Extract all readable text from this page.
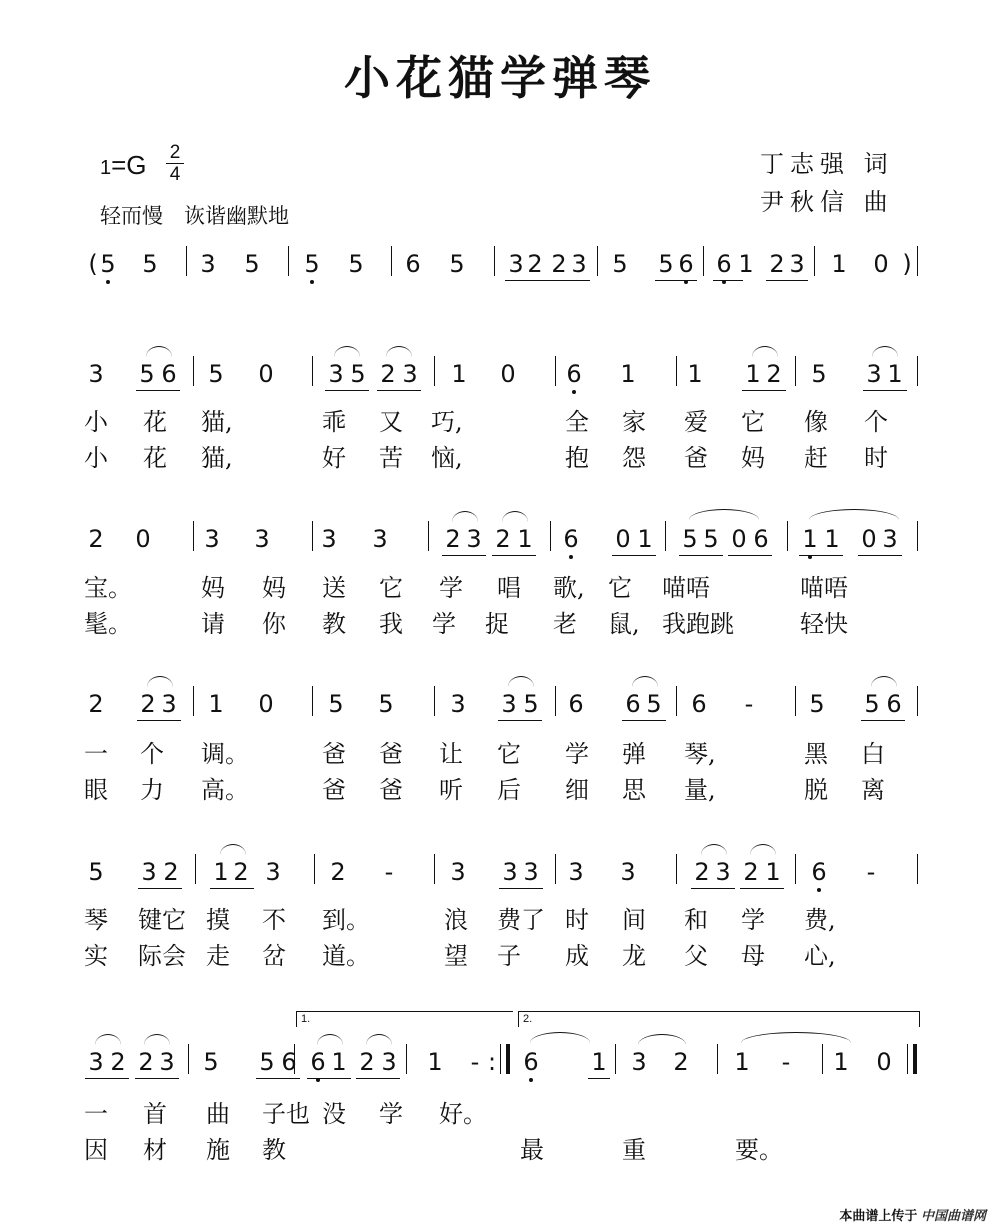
小花猫学弹琴
1=G 2
4
轻而慢　诙谐幽默地
丁志强 词
尹秋信 曲
( 5 5 3 5 5 5 6 5 3 2 2 3 5 5 6 6 1 2 3 1 0 )
3 5 6 5 0 3 5 2 3 1 0 6 1 1 1 2 5 3 1
小 花 猫,	乖 又 巧,	全 家 爱 它 像 个
小 花 猫,	好 苦 恼,	抱 怨 爸 妈 赶 时
2 0 3 3 3 3 2 3 2 1 6 0 1 5 5 0 6 1 1 0 3
宝。	妈 妈 送 它 学 唱 歌, 它 喵唔	喵唔
髦。	请 你 教 我 学 捉 老 鼠, 我 跑跳	轻快
2 2 3 1 0 5 5 3 3 5 6 6 5 6 - 5 5 6
一 个 调。	爸 爸 让 它 学 弹 琴,	黑 白
眼 力 高。	爸 爸 听 后 细 思 量,	脱 离
5 3 2 1 2 3 2 - 3 3 3 3 3 2 3 2 1 6 -
琴 键它 摸 不 到。	浪 费了 时 间 和 学 费,
实 际会 走 岔 道。	望 子 成 龙 父 母 心,
1.	2.
3 2 2 3 5 5 6 6 1 2 3 1 - 6 1 3 2 1 - 1 0
:
一 首 曲 子也 没 学 好。
因 材 施 教	最	重	要。
本曲谱上传于 中国曲谱网
